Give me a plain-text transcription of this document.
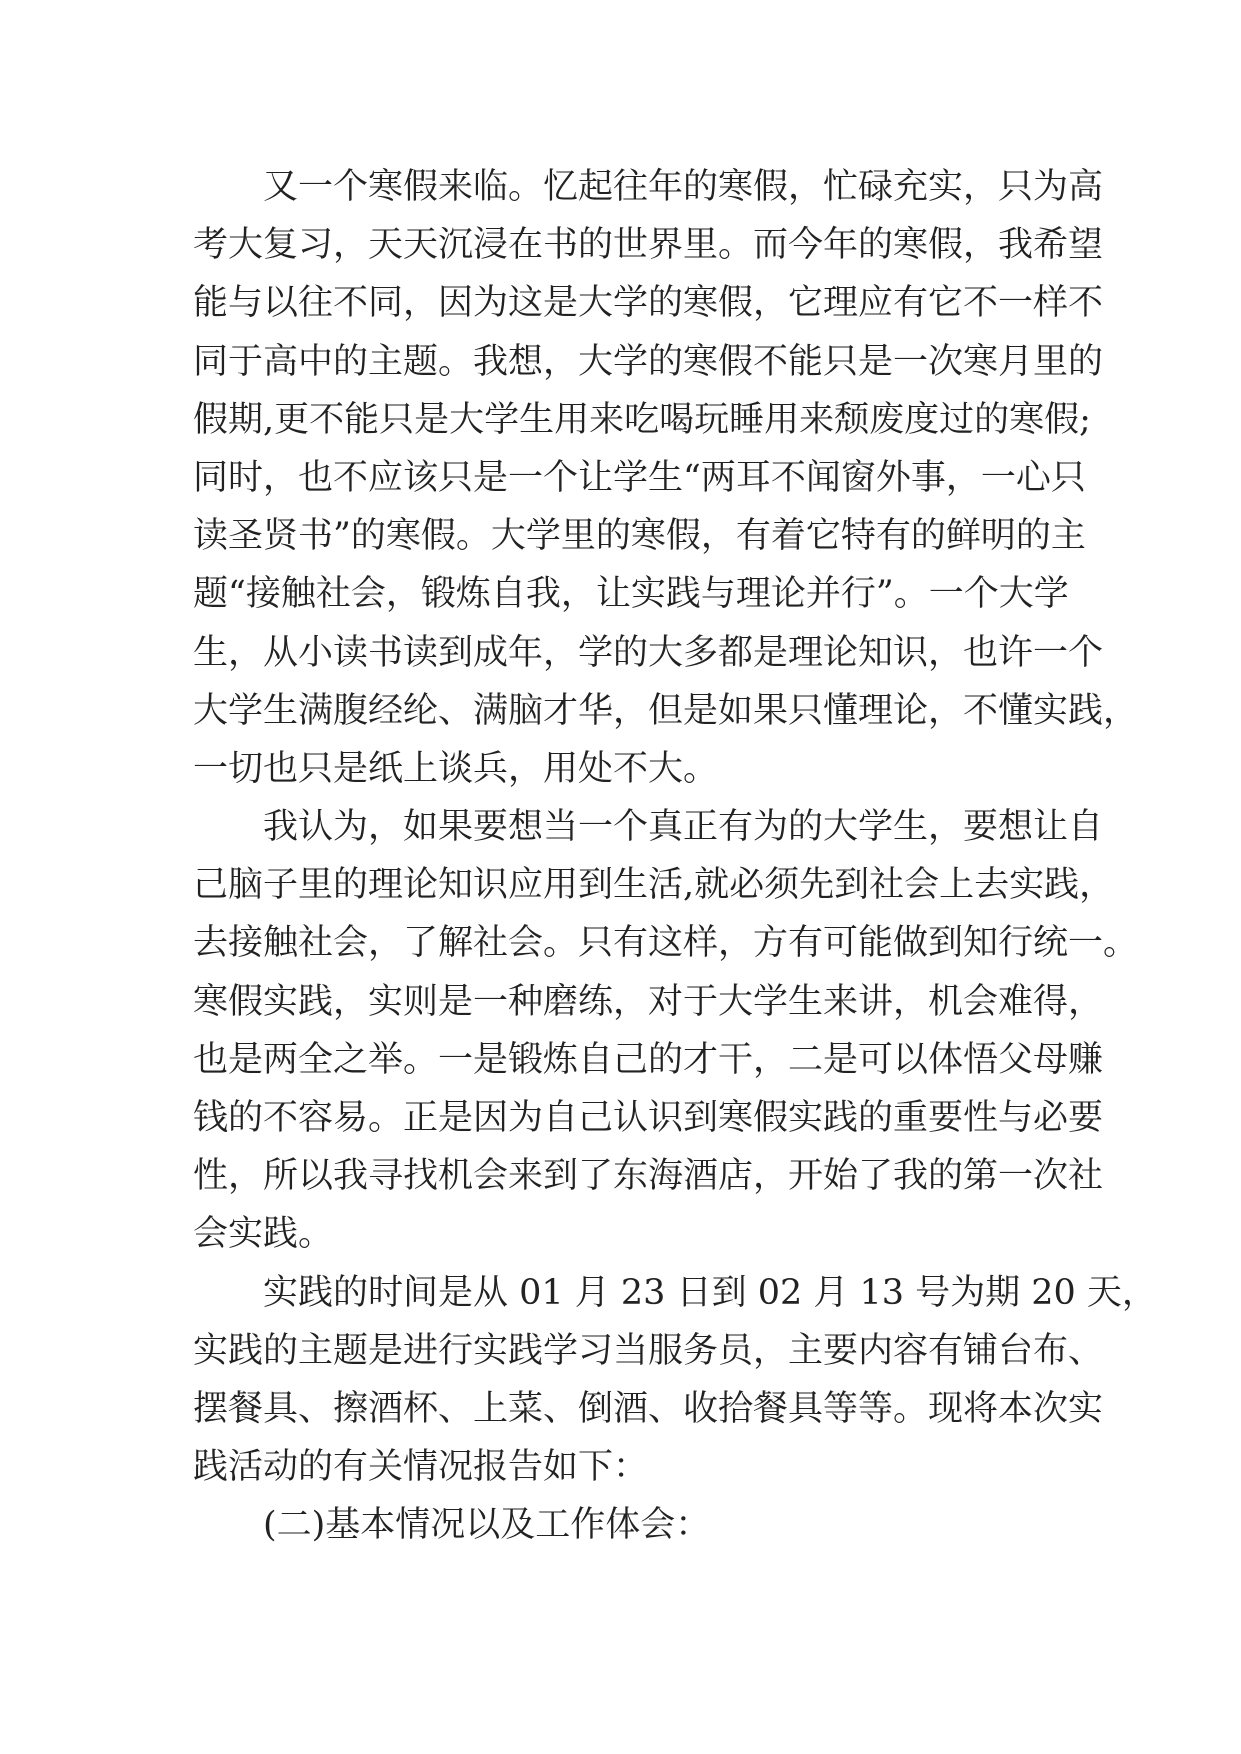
又一个寒假来临。忆起往年的寒假，忙碌充实，只为高
考大复习，天天沉浸在书的世界里。而今年的寒假，我希望
能与以往不同，因为这是大学的寒假，它理应有它不一样不
同于高中的主题。我想，大学的寒假不能只是一次寒月里的
假期,更不能只是大学生用来吃喝玩睡用来颓废度过的寒假;
同时，也不应该只是一个让学生“两耳不闻窗外事，一心只
读圣贤书”的寒假。大学里的寒假，有着它特有的鲜明的主
题“接触社会，锻炼自我，让实践与理论并行”。一个大学
生，从小读书读到成年，学的大多都是理论知识，也许一个
大学生满腹经纶、满脑才华，但是如果只懂理论，不懂实践，
一切也只是纸上谈兵，用处不大。
我认为，如果要想当一个真正有为的大学生，要想让自
己脑子里的理论知识应用到生活,就必须先到社会上去实践，
去接触社会，了解社会。只有这样，方有可能做到知行统一。
寒假实践，实则是一种磨练，对于大学生来讲，机会难得，
也是两全之举。一是锻炼自己的才干，二是可以体悟父母赚
钱的不容易。正是因为自己认识到寒假实践的重要性与必要
性，所以我寻找机会来到了东海酒店，开始了我的第一次社
会实践。
实践的时间是从 01 月 23 日到 02 月 13 号为期 20 天，
实践的主题是进行实践学习当服务员，主要内容有铺台布、
摆餐具、擦酒杯、上菜、倒酒、收拾餐具等等。现将本次实
践活动的有关情况报告如下：
(二)基本情况以及工作体会：
